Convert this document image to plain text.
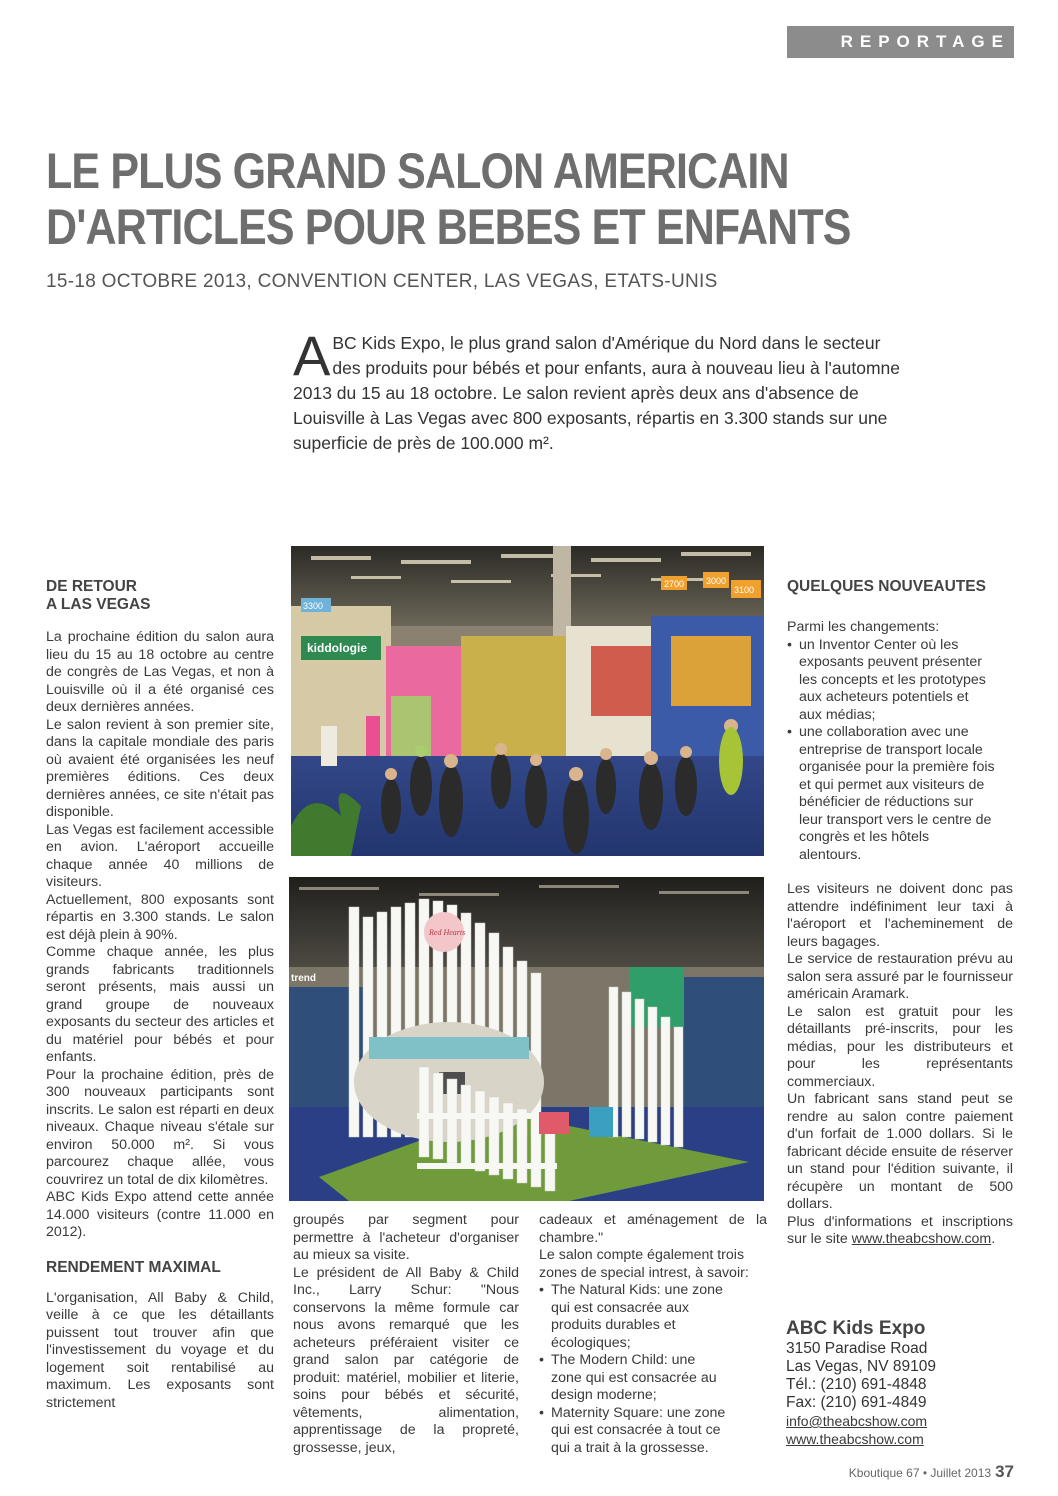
REPORTAGE
LE PLUS GRAND SALON AMERICAIN
D'ARTICLES POUR BEBES ET ENFANTS
15-18 OCTOBRE 2013, CONVENTION CENTER, LAS VEGAS, ETATS-UNIS
ABC Kids Expo, le plus grand salon d'Amérique du Nord dans le secteur des produits pour bébés et pour enfants, aura à nouveau lieu à l'automne 2013 du 15 au 18 octobre. Le salon revient après deux ans d'absence de Louisville à Las Vegas avec 800 exposants, répartis en 3.300 stands sur une superficie de près de 100.000 m².
DE RETOUR
A LAS VEGAS

La prochaine édition du salon aura lieu du 15 au 18 octobre au centre de congrès de Las Vegas, et non à Louisville où il a été organisé ces deux dernières années.

Le salon revient à son premier site, dans la capitale mondiale des paris où avaient été organisées les neuf premières éditions. Ces deux dernières années, ce site n'était pas disponible.

Las Vegas est facilement accessible en avion. L'aéroport accueille chaque année 40 millions de visiteurs.

Actuellement, 800 exposants sont répartis en 3.300 stands. Le salon est déjà plein à 90%.

Comme chaque année, les plus grands fabricants traditionnels seront présents, mais aussi un grand groupe de nouveaux exposants du secteur des articles et du matériel pour bébés et pour enfants.

Pour la prochaine édition, près de 300 nouveaux participants sont inscrits. Le salon est réparti en deux niveaux. Chaque niveau s'étale sur environ 50.000 m². Si vous parcourez chaque allée, vous couvrirez un total de dix kilomètres.

ABC Kids Expo attend cette année 14.000 visiteurs (contre 11.000 en 2012).

RENDEMENT MAXIMAL

L'organisation, All Baby & Child, veille à ce que les détaillants puissent tout trouver afin que l'investissement du voyage et du logement soit rentabilisé au maximum. Les exposants sont strictement

3100
3000
2700
3300
kiddologie
trend
Red Hearts

groupés par segment pour permettre à l'acheteur d'organiser au mieux sa visite.

Le président de All Baby & Child Inc., Larry Schur: "Nous conservons la même formule car nous avons remarqué que les acheteurs préféraient visiter ce grand salon par catégorie de produit: matériel, mobilier et literie, soins pour bébés et sécurité, vêtements, alimentation, apprentissage de la propreté, grossesse, jeux,

cadeaux et aménagement de la chambre."

Le salon compte également trois zones de special intrest, à savoir:

• The Natural Kids: une zone qui est consacrée aux produits durables et écologiques;
• The Modern Child: une zone qui est consacrée au design moderne;
• Maternity Square: une zone qui est consacrée à tout ce qui a trait à la grossesse.
QUELQUES NOUVEAUTES

Parmi les changements:

• un Inventor Center où les exposants peuvent présenter les concepts et les prototypes aux acheteurs potentiels et aux médias;
• une collaboration avec une entreprise de transport locale organisée pour la première fois et qui permet aux visiteurs de bénéficier de réductions sur leur transport vers le centre de congrès et les hôtels alentours.

Les visiteurs ne doivent donc pas attendre indéfiniment leur taxi à l'aéroport et l'acheminement de leurs bagages.

Le service de restauration prévu au salon sera assuré par le fournisseur américain Aramark.

Le salon est gratuit pour les détaillants pré-inscrits, pour les médias, pour les distributeurs et pour les représentants commerciaux.

Un fabricant sans stand peut se rendre au salon contre paiement d'un forfait de 1.000 dollars. Si le fabricant décide ensuite de réserver un stand pour l'édition suivante, il récupère un montant de 500 dollars.

Plus d'informations et inscriptions sur le site www.theabcshow.com.

ABC Kids Expo
3150 Paradise Road
Las Vegas, NV 89109
Tél.: (210) 691-4848
Fax: (210) 691-4849
info@theabcshow.com
www.theabcshow.com
Kboutique 67 • Juillet 2013 37
